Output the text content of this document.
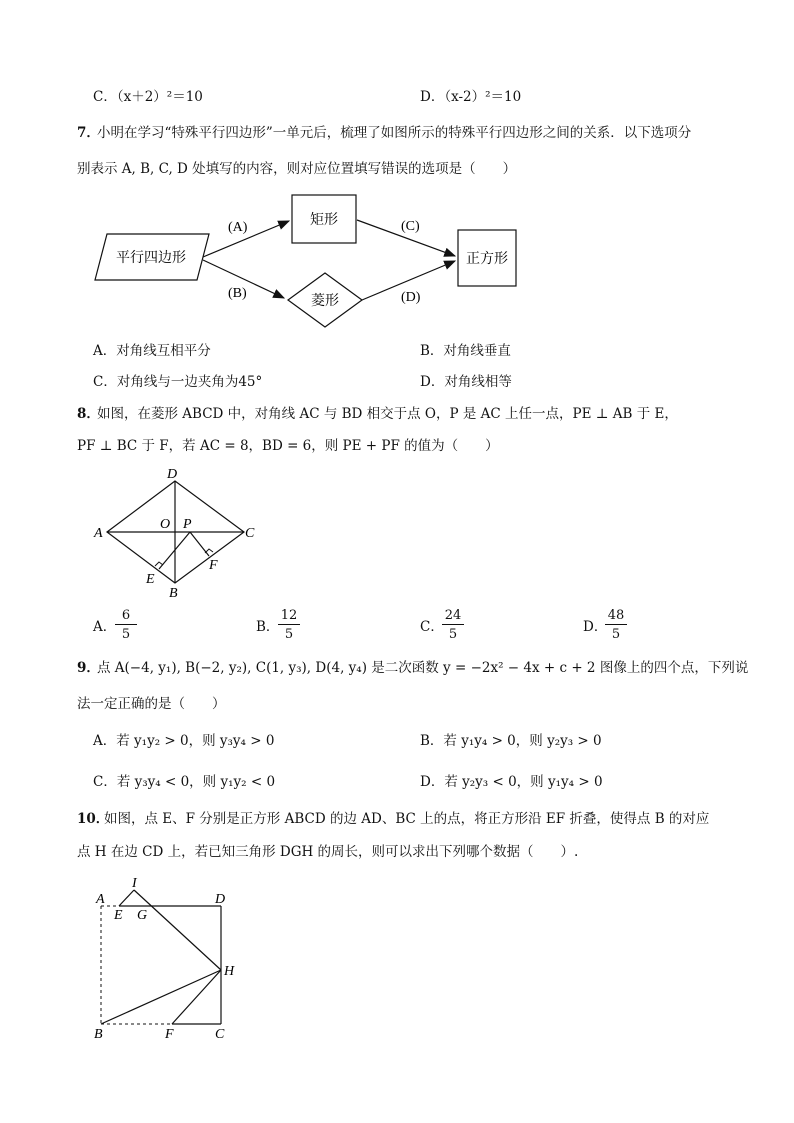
C．（x＋2）²＝10	D．（x-2）²＝10
7．
小明在学习“特殊平行四边形”一单元后，梳理了如图所示的特殊平行四边形之间的关系．以下选项分
别表示 A, B, C, D 处填写的内容，则对应位置填写错误的选项是（　　）
平行四边形
矩形
菱形
正方形
(A)
(B)
(C)
(D)
A．对角线互相平分	B．对角线垂直
C．对角线与一边夹角为45°	D．对角线相等
8．
如图，在菱形 ABCD 中，对角线 AC 与 BD 相交于点 O，P 是 AC 上任一点，PE ⊥ AB 于 E，
PF ⊥ BC 于 F，若 AC = 8，BD = 6，则 PE + PF 的值为（　　）
D
A	C
O P
E
F
B
A．
$\frac{6}{5}$	B．
$\frac{12}{5}$	C．
$\frac{24}{5}$	D．
$\frac{48}{5}$
9．
点 A(−4, y₁), B(−2, y₂), C(1, y₃), D(4, y₄) 是二次函数 y = −2x² − 4x + c + 2 图像上的四个点，下列说
法一定正确的是（　　）
A．若 y₁y₂ > 0，则 y₃y₄ > 0	B．若 y₁y₄ > 0，则 y₂y₃ > 0
C．若 y₃y₄ < 0，则 y₁y₂ < 0	D．若 y₂y₃ < 0，则 y₁y₄ > 0
10．
如图，点 E、F 分别是正方形 ABCD 的边 AD、BC 上的点，将正方形沿 EF 折叠，使得点 B 的对应
点 H 在边 CD 上，若已知三角形 DGH 的周长，则可以求出下列哪个数据（　　）.
I
A	D
E G
H
B	F	C
